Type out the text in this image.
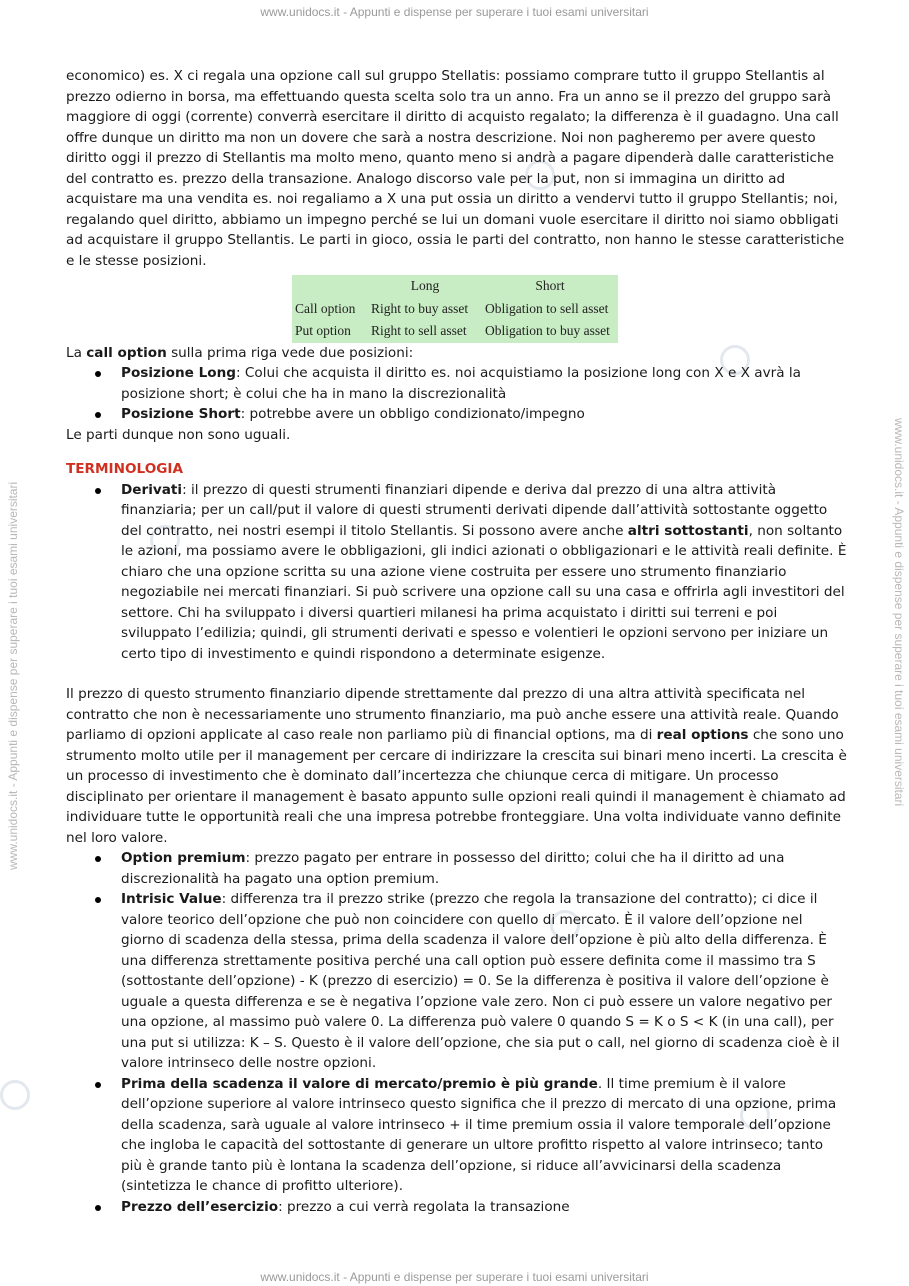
www.unidocs.it - Appunti e dispense per superare i tuoi esami universitari
www.unidocs.it - Appunti e dispense per superare i tuoi esami universitari	www.unidocs.it - Appunti e dispense per superare i tuoi esami universitari

economico) es. X ci regala una opzione call sul gruppo Stellatis: possiamo comprare tutto il gruppo Stellantis al prezzo odierno in borsa, ma effettuando questa scelta solo tra un anno. Fra un anno se il prezzo del gruppo sarà maggiore di oggi (corrente) converrà esercitare il diritto di acquisto regalato; la differenza è il guadagno. Una call offre dunque un diritto ma non un dovere che sarà a nostra descrizione. Noi non pagheremo per avere questo diritto oggi il prezzo di Stellantis ma molto meno, quanto meno si andrà a pagare dipenderà dalle caratteristiche del contratto es. prezzo della transazione. Analogo discorso vale per la put, non si immagina un diritto ad acquistare ma una vendita es. noi regaliamo a X una put ossia un diritto a vendervi tutto il gruppo Stellantis; noi, regalando quel diritto, abbiamo un impegno perché se lui un domani vuole esercitare il diritto noi siamo obbligati ad acquistare il gruppo Stellantis. Le parti in gioco, ossia le parti del contratto, non hanno le stesse caratteristiche e le stesse posizioni.

	Long	Short
Call option	Right to buy asset	Obligation to sell asset
Put option	Right to sell asset	Obligation to buy asset

La call option sulla prima riga vede due posizioni:

Posizione Long: Colui che acquista il diritto es. noi acquistiamo la posizione long con X e X avrà la posizione short; è colui che ha in mano la discrezionalità
Posizione Short: potrebbe avere un obbligo condizionato/impegno

Le parti dunque non sono uguali.

TERMINOLOGIA

Derivati: il prezzo di questi strumenti finanziari dipende e deriva dal prezzo di una altra attività finanziaria; per un call/put il valore di questi strumenti derivati dipende dall’attività sottostante oggetto del contratto, nei nostri esempi il titolo Stellantis. Si possono avere anche altri sottostanti, non soltanto le azioni, ma possiamo avere le obbligazioni, gli indici azionati o obbligazionari e le attività reali definite. È chiaro che una opzione scritta su una azione viene costruita per essere uno strumento finanziario negoziabile nei mercati finanziari. Si può scrivere una opzione call su una casa e offrirla agli investitori del settore. Chi ha sviluppato i diversi quartieri milanesi ha prima acquistato i diritti sui terreni e poi sviluppato l’edilizia; quindi, gli strumenti derivati e spesso e volentieri le opzioni servono per iniziare un certo tipo di investimento e quindi rispondono a determinate esigenze.

Il prezzo di questo strumento finanziario dipende strettamente dal prezzo di una altra attività specificata nel contratto che non è necessariamente uno strumento finanziario, ma può anche essere una attività reale. Quando parliamo di opzioni applicate al caso reale non parliamo più di financial options, ma di real options che sono uno strumento molto utile per il management per cercare di indirizzare la crescita sui binari meno incerti. La crescita è un processo di investimento che è dominato dall’incertezza che chiunque cerca di mitigare. Un processo disciplinato per orientare il management è basato appunto sulle opzioni reali quindi il management è chiamato ad individuare tutte le opportunità reali che una impresa potrebbe fronteggiare. Una volta individuate vanno definite nel loro valore.

Option premium: prezzo pagato per entrare in possesso del diritto; colui che ha il diritto ad una discrezionalità ha pagato una option premium.
Intrisic Value: differenza tra il prezzo strike (prezzo che regola la transazione del contratto); ci dice il valore teorico dell’opzione che può non coincidere con quello di mercato. È il valore dell’opzione nel giorno di scadenza della stessa, prima della scadenza il valore dell’opzione è più alto della differenza. È una differenza strettamente positiva perché una call option può essere definita come il massimo tra S (sottostante dell’opzione) - K (prezzo di esercizio) = 0. Se la differenza è positiva il valore dell’opzione è uguale a questa differenza e se è negativa l’opzione vale zero. Non ci può essere un valore negativo per una opzione, al massimo può valere 0. La differenza può valere 0 quando S = K o S < K (in una call), per una put si utilizza: K – S. Questo è il valore dell’opzione, che sia put o call, nel giorno di scadenza cioè è il valore intrinseco delle nostre opzioni.
Prima della scadenza il valore di mercato/premio è più grande. Il time premium è il valore dell’opzione superiore al valore intrinseco questo significa che il prezzo di mercato di una opzione, prima della scadenza, sarà uguale al valore intrinseco + il time premium ossia il valore temporale dell’opzione che ingloba le capacità del sottostante di generare un ultore profitto rispetto al valore intrinseco; tanto più è grande tanto più è lontana la scadenza dell’opzione, si riduce all’avvicinarsi della scadenza (sintetizza le chance di profitto ulteriore).
Prezzo dell’esercizio: prezzo a cui verrà regolata la transazione
www.unidocs.it - Appunti e dispense per superare i tuoi esami universitari
